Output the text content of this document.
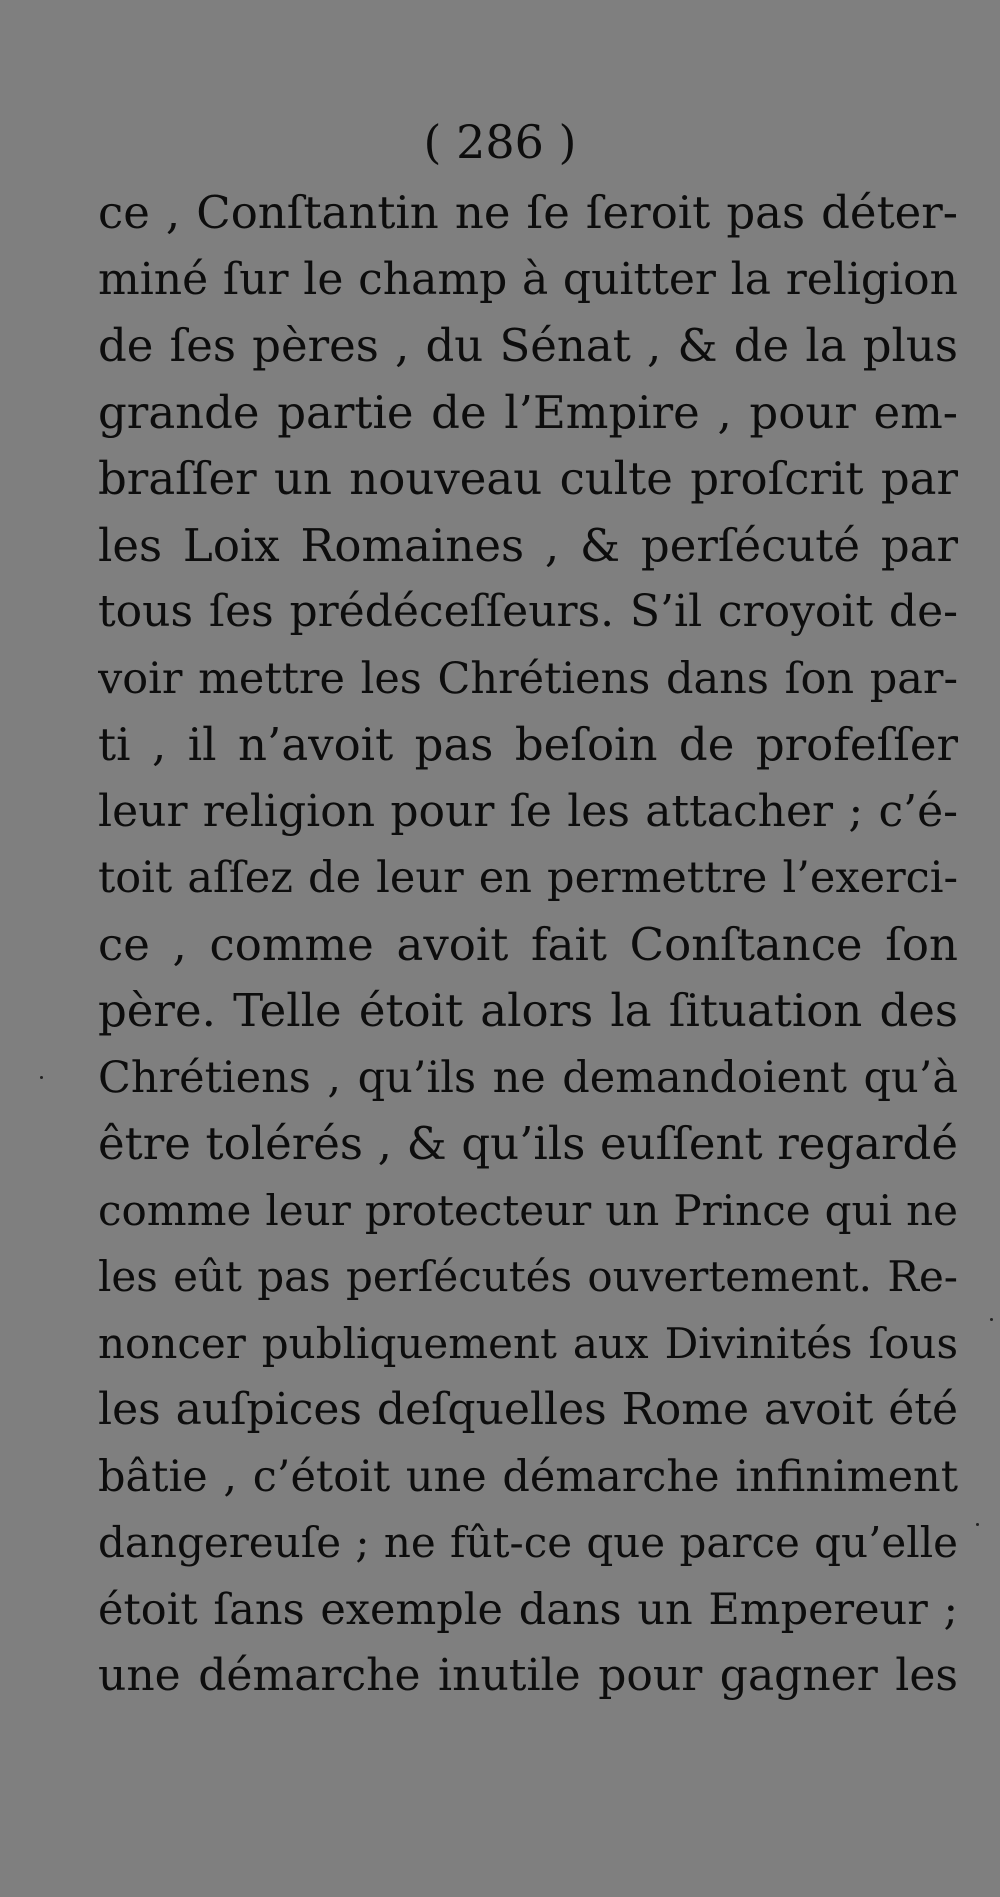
( 286 )

ce , Conſtantin ne ſe ſeroit pas déter-
miné ſur le champ à quitter la religion
de ſes pères , du Sénat , & de la plus
grande partie de l’Empire , pour em-
braſſer un nouveau culte proſcrit par
les Loix Romaines , & perſécuté par
tous ſes prédéceſſeurs. S’il croyoit de-
voir mettre les Chrétiens dans ſon par-
ti , il n’avoit pas beſoin de profeſſer
leur religion pour ſe les attacher ; c’é-
toit aſſez de leur en permettre l’exerci-
ce , comme avoit fait Conſtance ſon
père. Telle étoit alors la ſituation des
Chrétiens , qu’ils ne demandoient qu’à
être tolérés , & qu’ils euſſent regardé
comme leur protecteur un Prince qui ne
les eût pas perſécutés ouvertement. Re-
noncer publiquement aux Divinités ſous
les auſpices deſquelles Rome avoit été
bâtie , c’étoit une démarche infiniment
dangereuſe ; ne fût-ce que parce qu’elle
étoit ſans exemple dans un Empereur ;
une démarche inutile pour gagner les
